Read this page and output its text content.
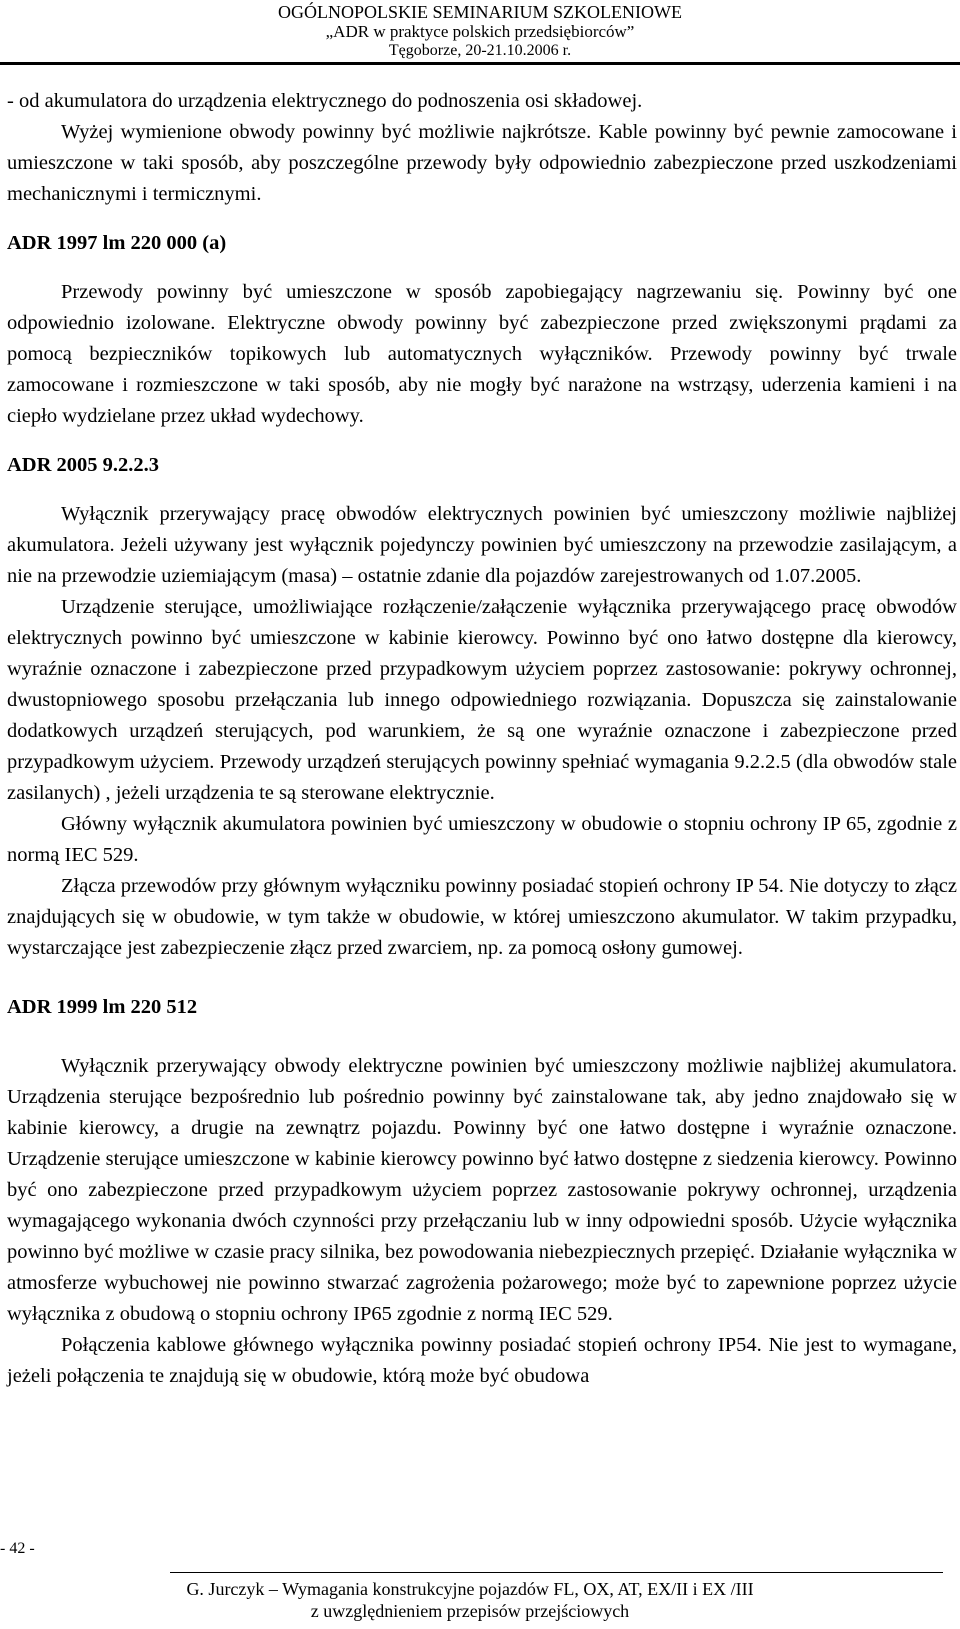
OGÓLNOPOLSKIE SEMINARIUM SZKOLENIOWE
„ADR w praktyce polskich przedsiębiorców”
Tęgoborze, 20-21.10.2006 r.

- od akumulatora do urządzenia elektrycznego do podnoszenia osi składowej.

Wyżej wymienione obwody powinny być możliwie najkrótsze. Kable powinny być pewnie zamocowane i umieszczone w taki sposób, aby poszczególne przewody były odpowiednio zabezpieczone przed uszkodzeniami mechanicznymi i termicznymi.

ADR 1997 lm 220 000 (a)

Przewody powinny być umieszczone w sposób zapobiegający nagrzewaniu się. Powinny być one odpowiednio izolowane. Elektryczne obwody powinny być zabezpieczone przed zwiększonymi prądami za pomocą bezpieczników topikowych lub automatycznych wyłączników. Przewody powinny być trwale zamocowane i rozmieszczone w taki sposób, aby nie mogły być narażone na wstrząsy, uderzenia kamieni i na ciepło wydzielane przez układ wydechowy.

ADR 2005 9.2.2.3

Wyłącznik przerywający pracę obwodów elektrycznych powinien być umieszczony możliwie najbliżej akumulatora. Jeżeli używany jest wyłącznik pojedynczy powinien być umieszczony na przewodzie zasilającym, a nie na przewodzie uziemiającym (masa) – ostatnie zdanie dla pojazdów zarejestrowanych od 1.07.2005.

Urządzenie sterujące, umożliwiające rozłączenie/załączenie wyłącznika przerywającego pracę obwodów elektrycznych powinno być umieszczone w kabinie kierowcy. Powinno być ono łatwo dostępne dla kierowcy, wyraźnie oznaczone i zabezpieczone przed przypadkowym użyciem poprzez zastosowanie: pokrywy ochronnej, dwustopniowego sposobu przełączania lub innego odpowiedniego rozwiązania. Dopuszcza się zainstalowanie dodatkowych urządzeń sterujących, pod warunkiem, że są one wyraźnie oznaczone i zabezpieczone przed przypadkowym użyciem. Przewody urządzeń sterujących powinny spełniać wymagania 9.2.2.5 (dla obwodów stale zasilanych) , jeżeli urządzenia te są sterowane elektrycznie.

Główny wyłącznik akumulatora powinien być umieszczony w obudowie o stopniu ochrony IP 65, zgodnie z normą IEC 529.

Złącza przewodów przy głównym wyłączniku powinny posiadać stopień ochrony IP 54. Nie dotyczy to złącz znajdujących się w obudowie, w tym także w obudowie, w której umieszczono akumulator. W takim przypadku, wystarczające jest zabezpieczenie złącz przed zwarciem, np. za pomocą osłony gumowej.

ADR 1999 lm 220 512

Wyłącznik przerywający obwody elektryczne powinien być umieszczony możliwie najbliżej akumulatora. Urządzenia sterujące bezpośrednio lub pośrednio powinny być zainstalowane tak, aby jedno znajdowało się w kabinie kierowcy, a drugie na zewnątrz pojazdu. Powinny być one łatwo dostępne i wyraźnie oznaczone. Urządzenie sterujące umieszczone w kabinie kierowcy powinno być łatwo dostępne z siedzenia kierowcy. Powinno być ono zabezpieczone przed przypadkowym użyciem poprzez zastosowanie pokrywy ochronnej, urządzenia wymagającego wykonania dwóch czynności przy przełączaniu lub w inny odpowiedni sposób. Użycie wyłącznika powinno być możliwe w czasie pracy silnika, bez powodowania niebezpiecznych przepięć. Działanie wyłącznika w atmosferze wybuchowej nie powinno stwarzać zagrożenia pożarowego; może być to zapewnione poprzez użycie wyłącznika z obudową o stopniu ochrony IP65 zgodnie z normą IEC 529.

Połączenia kablowe głównego wyłącznika powinny posiadać stopień ochrony IP54. Nie jest to wymagane, jeżeli połączenia te znajdują się w obudowie, którą może być obudowa

G. Jurczyk – Wymagania konstrukcyjne pojazdów FL, OX, AT, EX/II i EX /III
z uwzględnieniem przepisów przejściowych
- 42 -
